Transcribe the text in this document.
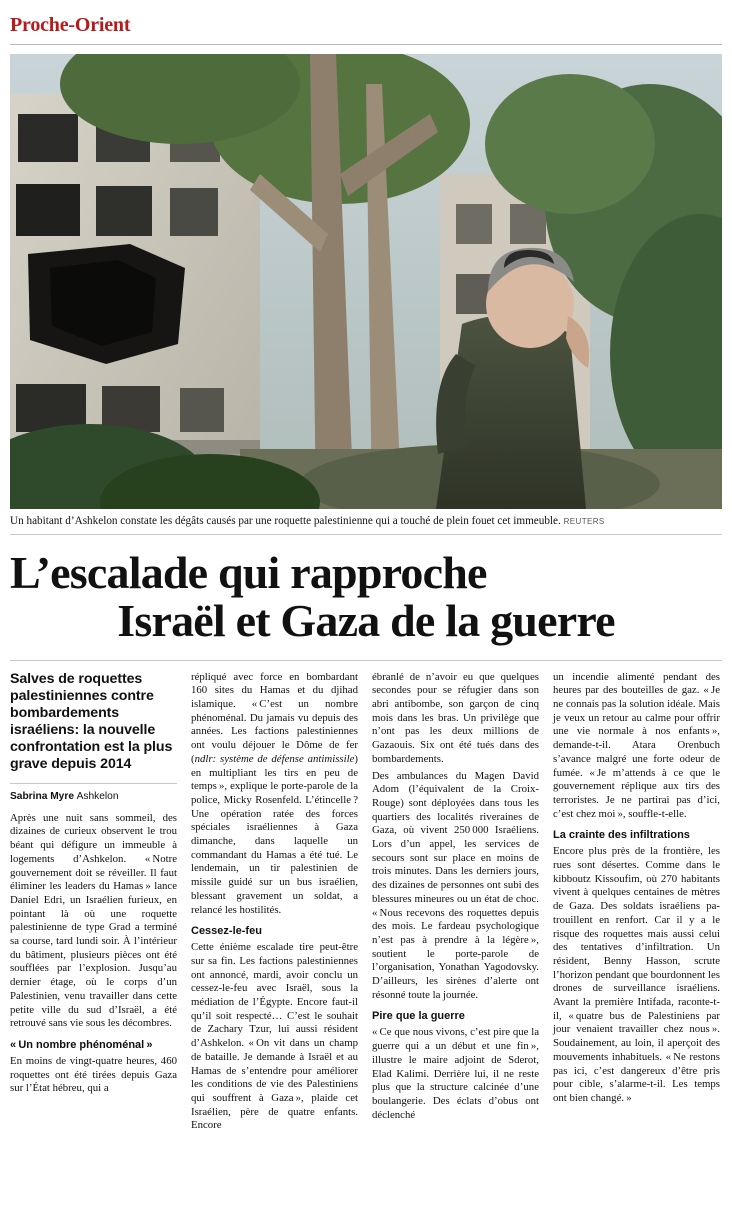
Proche-Orient
Un habitant d’Ashkelon constate les dégâts causés par une roquette palestinienne qui a touché de plein fouet cet immeuble. REUTERS
L’escalade qui rapproche
Israël et Gaza de la guerre
Salves de roquettes palestiniennes contre bombardements israéliens: la nouvelle confrontation est la plus grave depuis 2014
Sabrina Myre Ashkelon

Après une nuit sans sommeil, des dizaines de curieux observent le trou béant qui défigure un immeuble à logements d’Ashkelon. « Notre gouvernement doit se réveiller. Il faut éliminer les leaders du Hamas » lance Daniel Edri, un Israélien furieux, en pointant là où une roquette palestinienne de type Grad a terminé sa course, tard lundi soir. À l’intérieur du bâtiment, plusieurs pièces ont été soufflées par l’explosion. Jusqu’au dernier étage, où le corps d’un Palestinien, venu travailler dans cette petite ville du sud d’Israël, a été retrouvé sans vie sous les décombres.

« Un nombre phénoménal »

En moins de vingt-quatre heures, 460 roquettes ont été tirées depuis Gaza sur l’État hébreu, qui a

répliqué avec force en bombardant 160 sites du Hamas et du djihad islamique. « C’est un nombre phénoménal. Du jamais vu depuis des années. Les factions palestiniennes ont voulu déjouer le Dôme de fer (ndlr: système de défense antimissile) en multipliant les tirs en peu de temps », explique le porte-parole de la police, Micky Rosenfeld. L’étincelle ? Une opération ratée des forces spéciales israéliennes à Gaza dimanche, dans laquelle un commandant du Hamas a été tué. Le lendemain, un tir palestinien de missile guidé sur un bus israélien, blessant gravement un soldat, a relancé les hostilités.

Cessez-le-feu

Cette énième escalade tire peut-être sur sa fin. Les factions palestiniennes ont annoncé, mardi, avoir conclu un cessez-le-feu avec Israël, sous la médiation de l’Égypte. Encore faut-il qu’il soit respecté… C’est le souhait de Zachary Tzur, lui aussi résident d’Ashkelon. « On vit dans un champ de bataille. Je demande à Israël et au Hamas de s’entendre pour améliorer les conditions de vie des Palestiniens qui souffrent à Gaza », plaide cet Israélien, père de quatre enfants. Encore

ébranlé de n’avoir eu que quelques secondes pour se réfugier dans son abri antibombe, son garçon de cinq mois dans les bras. Un privilège que n’ont pas les deux millions de Gazaouis. Six ont été tués dans des bombardements.

Des ambulances du Magen David Adom (l’équivalent de la Croix-Rouge) sont déployées dans tous les quartiers des localités riveraines de Gaza, où vivent 250 000 Israéliens. Lors d’un appel, les services de secours sont sur place en moins de trois minutes. Dans les derniers jours, des dizaines de personnes ont subi des blessures mineures ou un état de choc. « Nous recevons des roquettes depuis des mois. Le fardeau psychologique n’est pas à prendre à la légère », soutient le porte-parole de l’organisation, Yonathan Yagodovsky. D’ailleurs, les sirènes d’alerte ont résonné toute la journée.

Pire que la guerre

« Ce que nous vivons, c’est pire que la guerre qui a un début et une fin », illustre le maire adjoint de Sderot, Elad Kalimi. Derrière lui, il ne reste plus que la structure calcinée d’une boulangerie. Des éclats d’obus ont déclenché

un incendie alimenté pendant des heures par des bouteilles de gaz. « Je ne connais pas la solution idéale. Mais je veux un retour au calme pour offrir une vie normale à nos enfants », demande-t-il. Atara Orenbuch s’avance malgré une forte odeur de fumée. « Je m’attends à ce que le gouvernement réplique aux tirs des terroristes. Je ne partirai pas d’ici, c’est chez moi », souffle-t-elle.

La crainte des infiltrations

Encore plus près de la frontière, les rues sont désertes. Comme dans le kibboutz Kissoufim, où 270 habitants vivent à quelques centaines de mètres de Gaza. Des soldats israéliens pa-trouillent en renfort. Car il y a le risque des roquettes mais aussi celui des tentatives d’infiltration. Un résident, Benny Hasson, scrute l’horizon pendant que bourdonnent les drones de surveillance israéliens. Avant la première Intifada, raconte-t-il, « quatre bus de Palestiniens par jour venaient travailler chez nous ». Soudainement, au loin, il aperçoit des mouvements inhabituels. « Ne restons pas ici, c’est dangereux d’être pris pour cible, s’alarme-t-il. Les temps ont bien changé. »
